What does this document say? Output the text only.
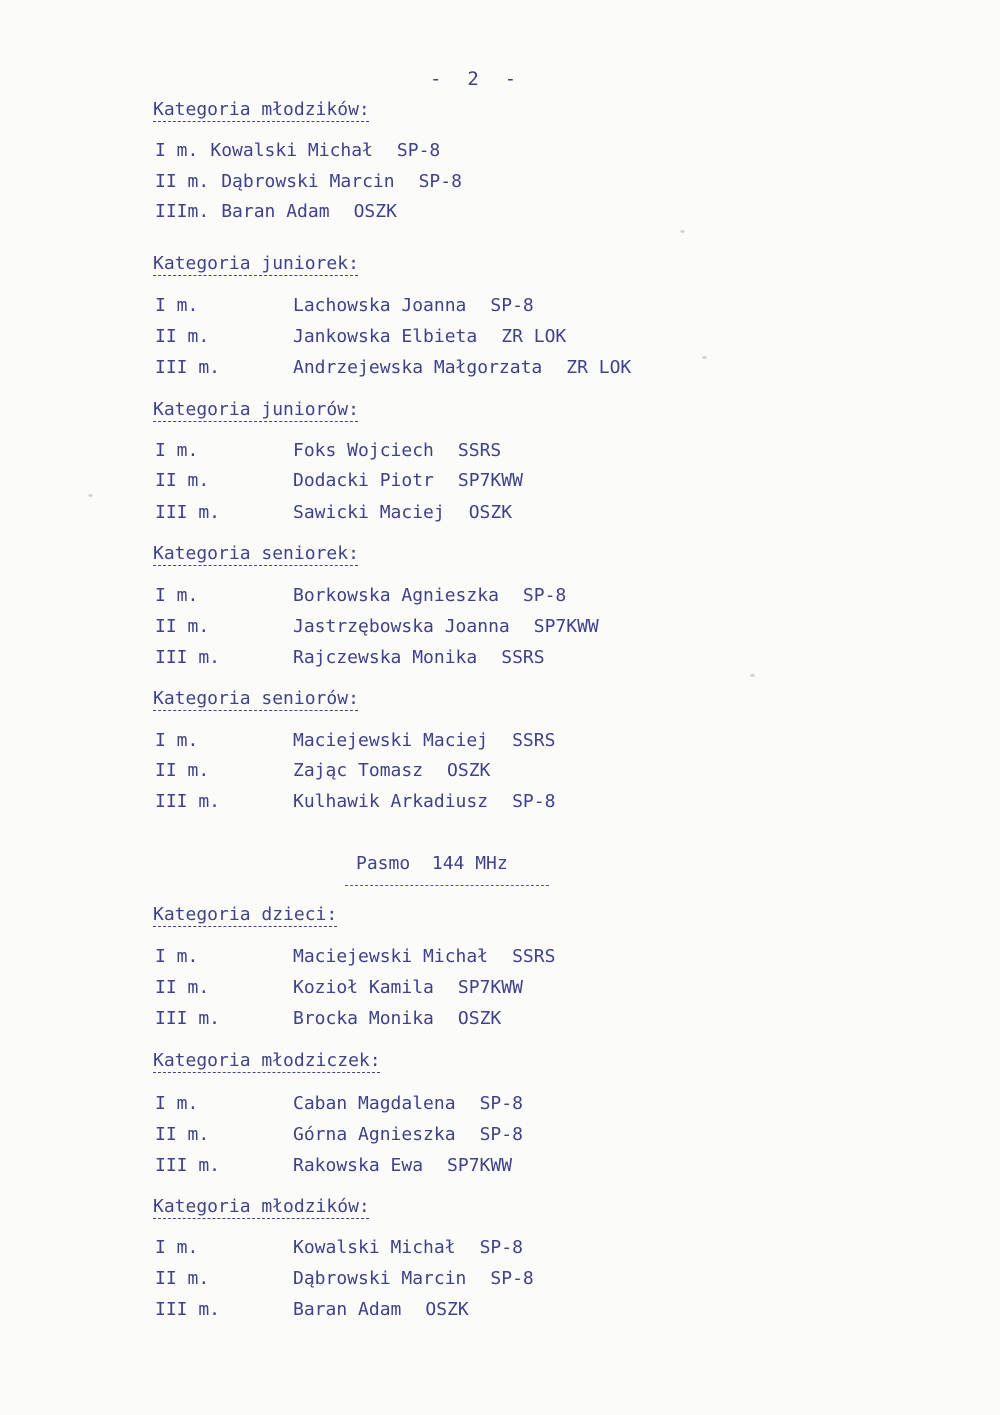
-  2  -
Kategoria młodzików:
I m. Kowalski Michał SP-8
II m. Dąbrowski Marcin SP-8
IIIm. Baran Adam OSZK
Kategoria juniorek:
I m.	Lachowska Joanna SP-8
II m.	Jankowska Elbieta ZR LOK
III m.	Andrzejewska Małgorzata ZR LOK
Kategoria juniorów:
I m.	Foks Wojciech SSRS
II m.	Dodacki Piotr SP7KWW
III m.	Sawicki Maciej OSZK
Kategoria seniorek:
I m.	Borkowska Agnieszka SP-8
II m.	Jastrzębowska Joanna SP7KWW
III m.	Rajczewska Monika SSRS
Kategoria seniorów:
I m.	Maciejewski Maciej SSRS
II m.	Zając Tomasz OSZK
III m.	Kulhawik Arkadiusz SP-8
Pasmo  144 MHz
Kategoria dzieci:
I m.	Maciejewski Michał SSRS
II m.	Kozioł Kamila SP7KWW
III m.	Brocka Monika OSZK
Kategoria młodziczek:
I m.	Caban Magdalena SP-8
II m.	Górna Agnieszka SP-8
III m.	Rakowska Ewa SP7KWW
Kategoria młodzików:
I m.	Kowalski Michał SP-8
II m.	Dąbrowski Marcin SP-8
III m.	Baran Adam OSZK
